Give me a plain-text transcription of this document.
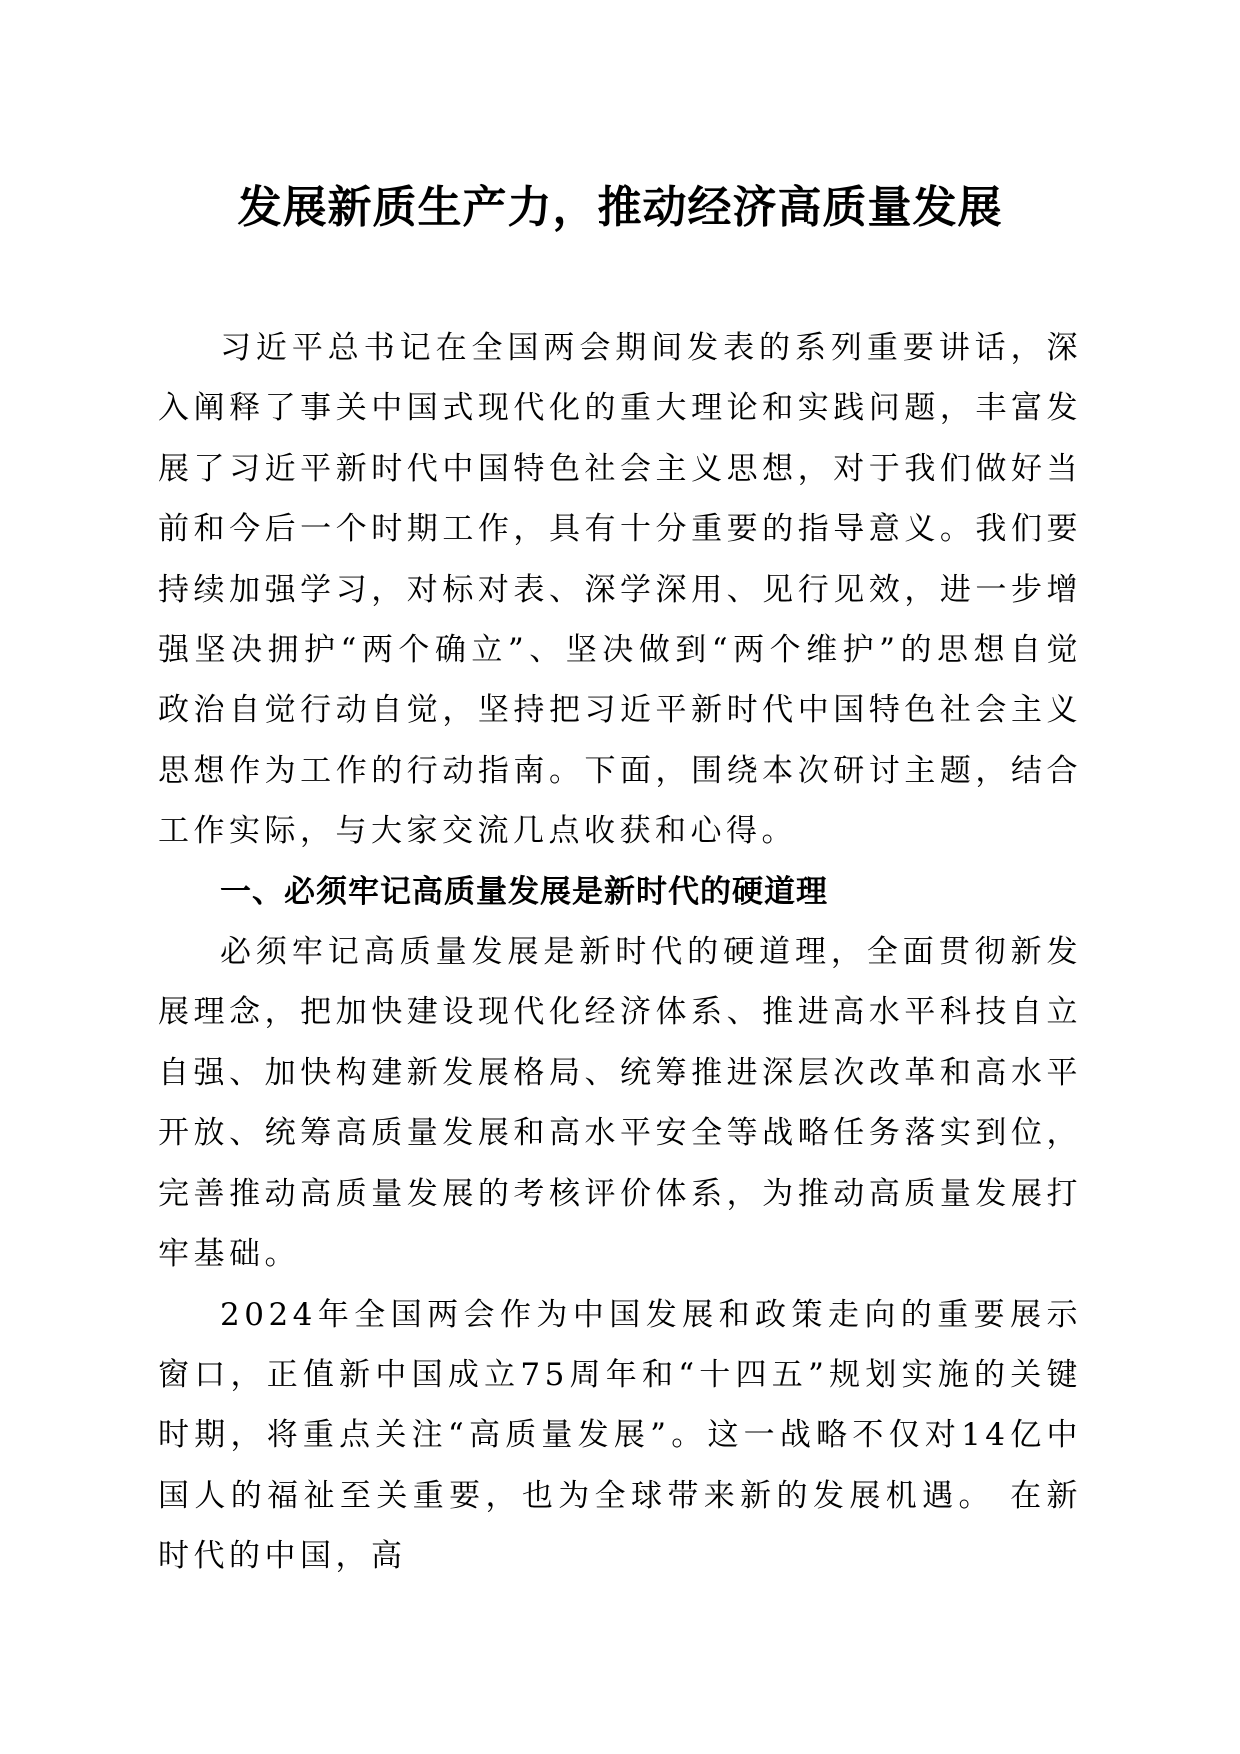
发展新质生产力，推动经济高质量发展

习近平总书记在全国两会期间发表的系列重要讲话，深入阐释了事关中国式现代化的重大理论和实践问题，丰富发展了习近平新时代中国特色社会主义思想，对于我们做好当前和今后一个时期工作，具有十分重要的指导意义。我们要持续加强学习，对标对表、深学深用、见行见效，进一步增强坚决拥护“两个确立”、坚决做到“两个维护”的思想自觉政治自觉行动自觉，坚持把习近平新时代中国特色社会主义思想作为工作的行动指南。下面，围绕本次研讨主题，结合工作实际，与大家交流几点收获和心得。

一、必须牢记高质量发展是新时代的硬道理

必须牢记高质量发展是新时代的硬道理，全面贯彻新发展理念，把加快建设现代化经济体系、推进高水平科技自立自强、加快构建新发展格局、统筹推进深层次改革和高水平开放、统筹高质量发展和高水平安全等战略任务落实到位，完善推动高质量发展的考核评价体系，为推动高质量发展打牢基础。

2024年全国两会作为中国发展和政策走向的重要展示窗口，正值新中国成立75周年和“十四五”规划实施的关键时期，将重点关注“高质量发展”。这一战略不仅对14亿中国人的福祉至关重要，也为全球带来新的发展机遇。 在新时代的中国，高
